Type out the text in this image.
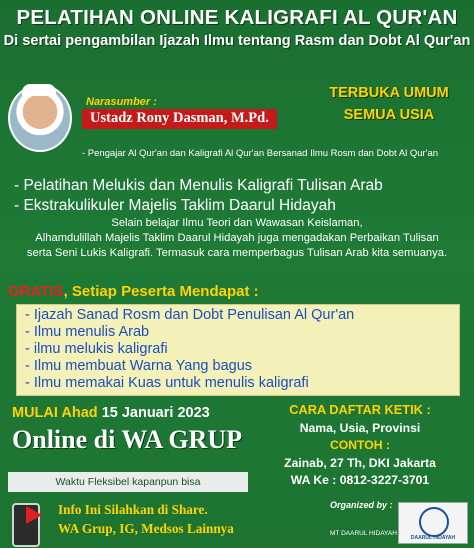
PELATIHAN ONLINE KALIGRAFI AL QUR'AN
Di sertai pengambilan Ijazah Ilmu tentang Rasm dan Dobt Al Qur'an
Narasumber :
Ustadz Rony Dasman, M.Pd.
- Pengajar Al Qur'an dan Kaligrafi Al Qur'an Bersanad Ilmu Rosm dan Dobt Al Qur'an
TERBUKA UMUM
SEMUA USIA
- Pelatihan Melukis dan Menulis Kaligrafi Tulisan Arab
- Ekstrakulikuler Majelis Taklim Daarul Hidayah
Selain belajar Ilmu Teori dan Wawasan Keislaman,
Alhamdulillah Majelis Taklim Daarul Hidayah juga mengadakan Perbaikan Tulisan
serta Seni Lukis Kaligrafi. Termasuk cara memperbagus Tulisan Arab kita semuanya.
GRATIS, Setiap Peserta Mendapat :
- Ijazah Sanad Rosm dan Dobt Penulisan Al Qur'an
- Ilmu menulis Arab
- ilmu melukis kaligrafi
- Ilmu membuat Warna Yang bagus
- Ilmu memakai Kuas untuk menulis kaligrafi
MULAI Ahad 15 Januari 2023
Online di WA GRUP
Waktu Fleksibel kapanpun bisa
CARA DAFTAR KETIK :
Nama, Usia, Provinsi
CONTOH :
Zainab, 27 Th, DKI Jakarta
WA Ke : 0812-3227-3701
Info Ini Silahkan di Share.
WA Grup, IG, Medsos Lainnya
Organized by :
MT DAARUL HIDAYAH
DAARUL HIDAYAH
